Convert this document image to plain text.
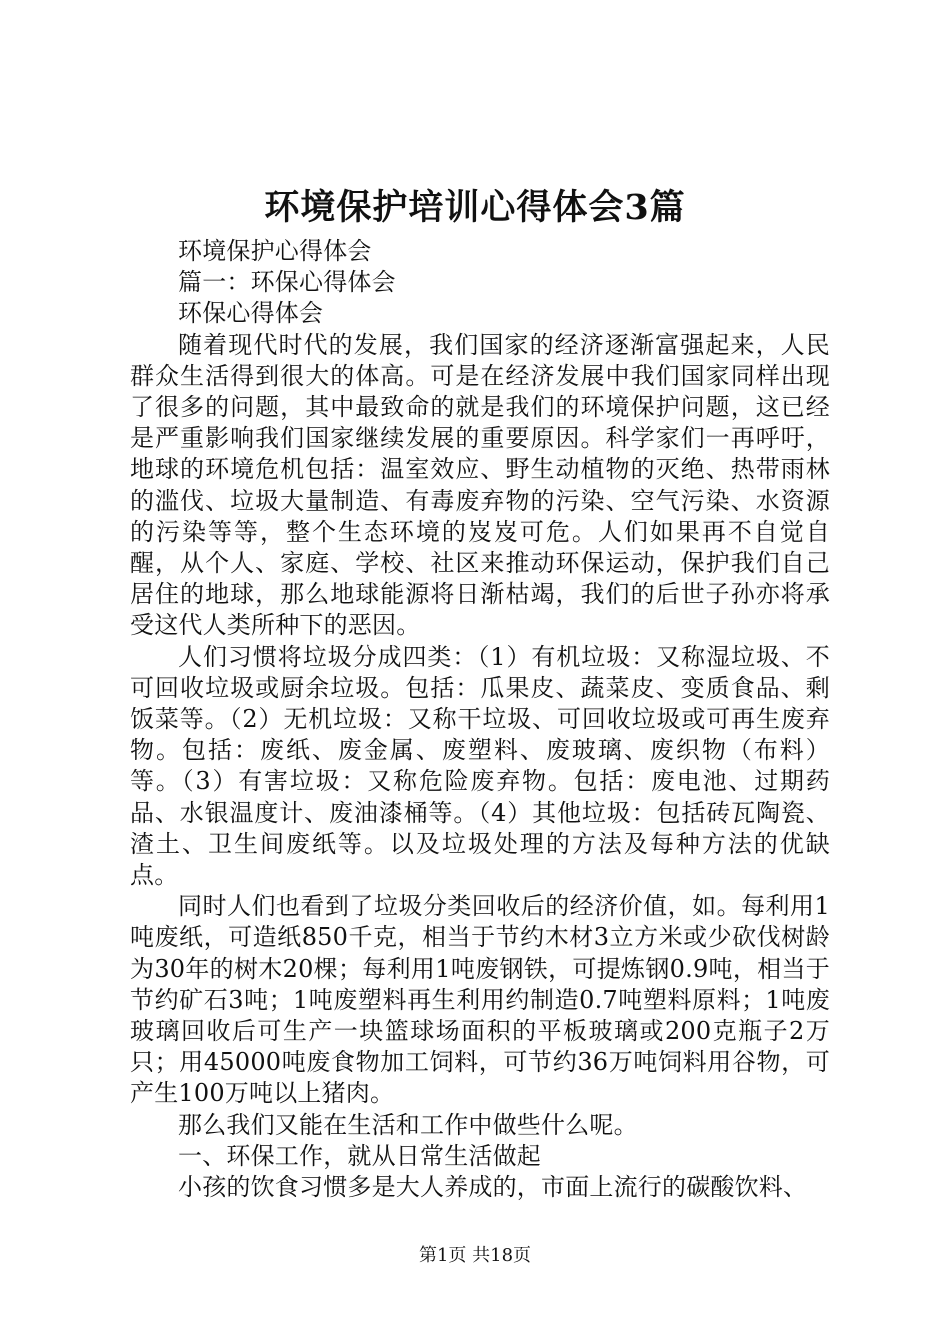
环境保护培训心得体会3篇

环境保护心得体会

篇一：环保心得体会

环保心得体会

随着现代时代的发展，我们国家的经济逐渐富强起来，人民群众生活得到很大的体高。可是在经济发展中我们国家同样出现了很多的问题，其中最致命的就是我们的环境保护问题，这已经是严重影响我们国家继续发展的重要原因。科学家们一再呼吁，地球的环境危机包括：温室效应、野生动植物的灭绝、热带雨林的滥伐、垃圾大量制造、有毒废弃物的污染、空气污染、水资源的污染等等，整个生态环境的岌岌可危。人们如果再不自觉自醒，从个人、家庭、学校、社区来推动环保运动，保护我们自己居住的地球，那么地球能源将日渐枯竭，我们的后世子孙亦将承受这代人类所种下的恶因。

人们习惯将垃圾分成四类：（1）有机垃圾：又称湿垃圾、不可回收垃圾或厨余垃圾。包括：瓜果皮、蔬菜皮、变质食品、剩饭菜等。（2）无机垃圾：又称干垃圾、可回收垃圾或可再生废弃物。包括：废纸、废金属、废塑料、废玻璃、废织物（布料）等。（3）有害垃圾：又称危险废弃物。包括：废电池、过期药品、水银温度计、废油漆桶等。（4）其他垃圾：包括砖瓦陶瓷、渣土、卫生间废纸等。以及垃圾处理的方法及每种方法的优缺点。

同时人们也看到了垃圾分类回收后的经济价值，如。每利用1吨废纸，可造纸850千克，相当于节约木材3立方米或少砍伐树龄为30年的树木20棵；每利用1吨废钢铁，可提炼钢0.9吨，相当于节约矿石3吨；1吨废塑料再生利用约制造0.7吨塑料原料；1吨废玻璃回收后可生产一块篮球场面积的平板玻璃或200克瓶子2万只；用45000吨废食物加工饲料，可节约36万吨饲料用谷物，可产生100万吨以上猪肉。

那么我们又能在生活和工作中做些什么呢。

一、环保工作，就从日常生活做起

小孩的饮食习惯多是大人养成的，市面上流行的碳酸饮料、

第1页 共18页
